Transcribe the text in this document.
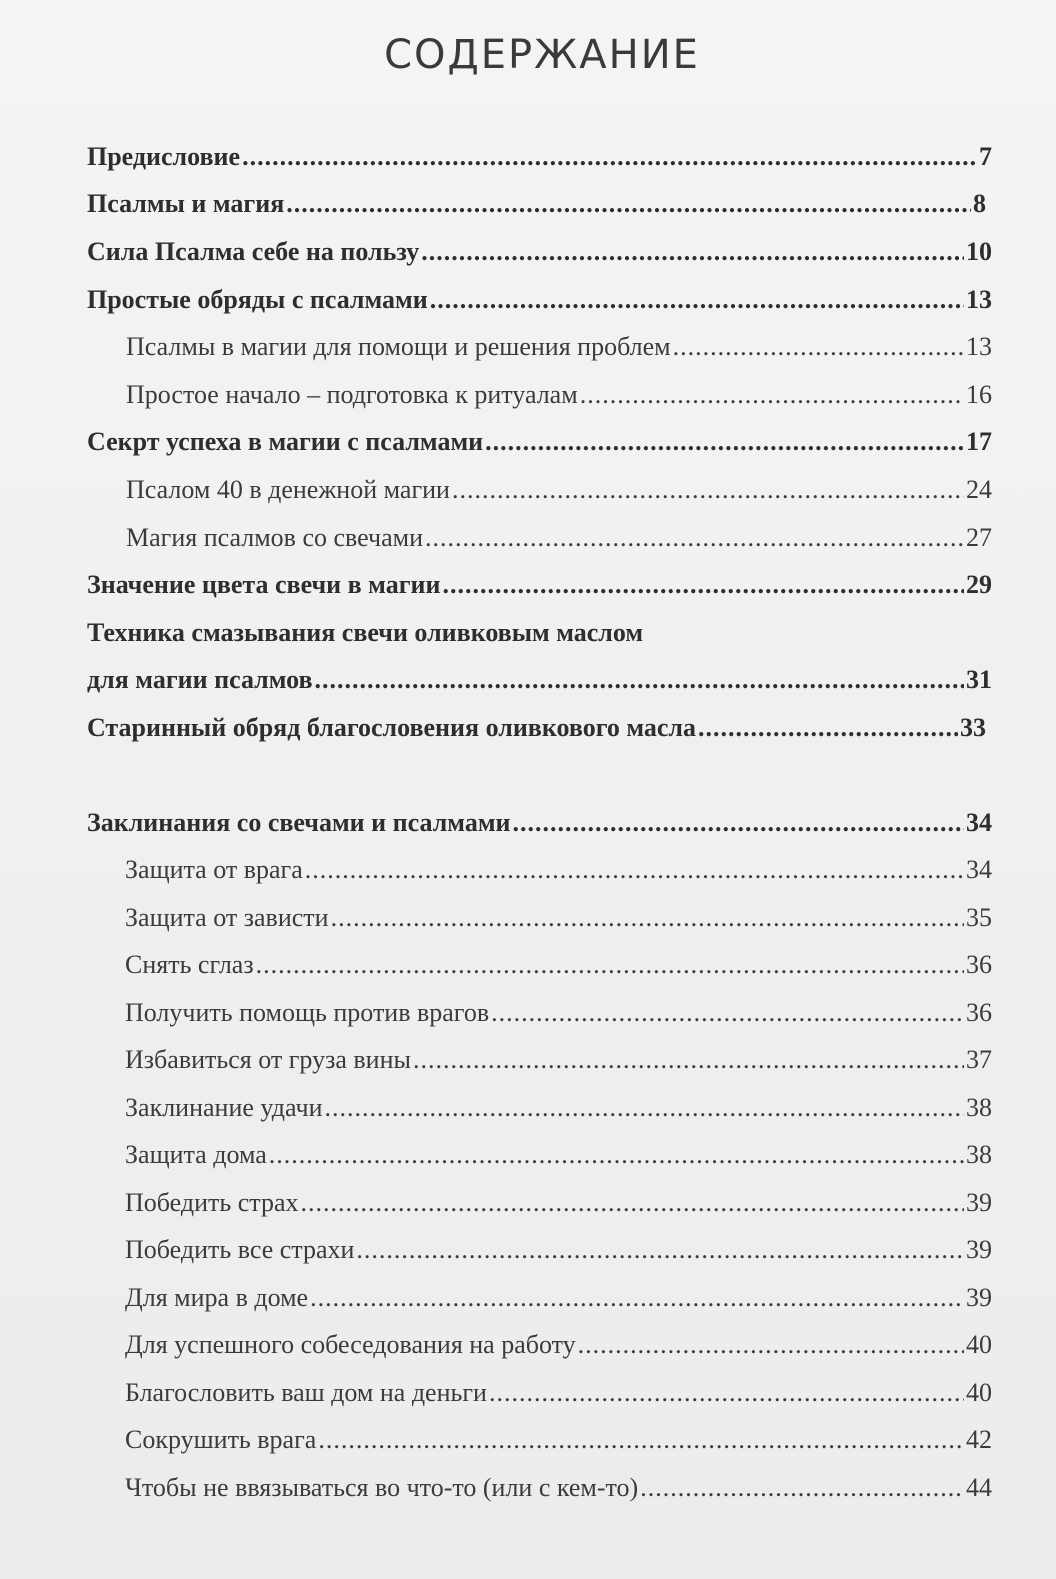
СОДЕРЖАНИЕ
Предисловие .....	7
Псалмы и магия .....	8
Сила Псалма себе на пользу .....	10
Простые обряды с псалмами .....	13
Псалмы в магии для помощи и решения проблем .....	13
Простое начало – подготовка к ритуалам .....	16
Секрт успеха в магии с псалмами .....	17
Псалом 40 в денежной магии .....	24
Магия псалмов со свечами .....	27
Значение цвета свечи в магии .....	29
Техника смазывания свечи оливковым маслом
для магии псалмов .....	31
Старинный обряд благословения оливкового масла .....	33
Заклинания со свечами и псалмами .....	34
Защита от врага .....	34
Защита от зависти .....	35
Снять сглаз .....	36
Получить помощь против врагов .....	36
Избавиться от груза вины .....	37
Заклинание удачи .....	38
Защита дома .....	38
Победить страх .....	39
Победить все страхи .....	39
Для мира в доме .....	39
Для успешного собеседования на работу .....	40
Благословить ваш дом на деньги .....	40
Сокрушить врага .....	42
Чтобы не ввязываться во что-то (или с кем-то) .....	44
